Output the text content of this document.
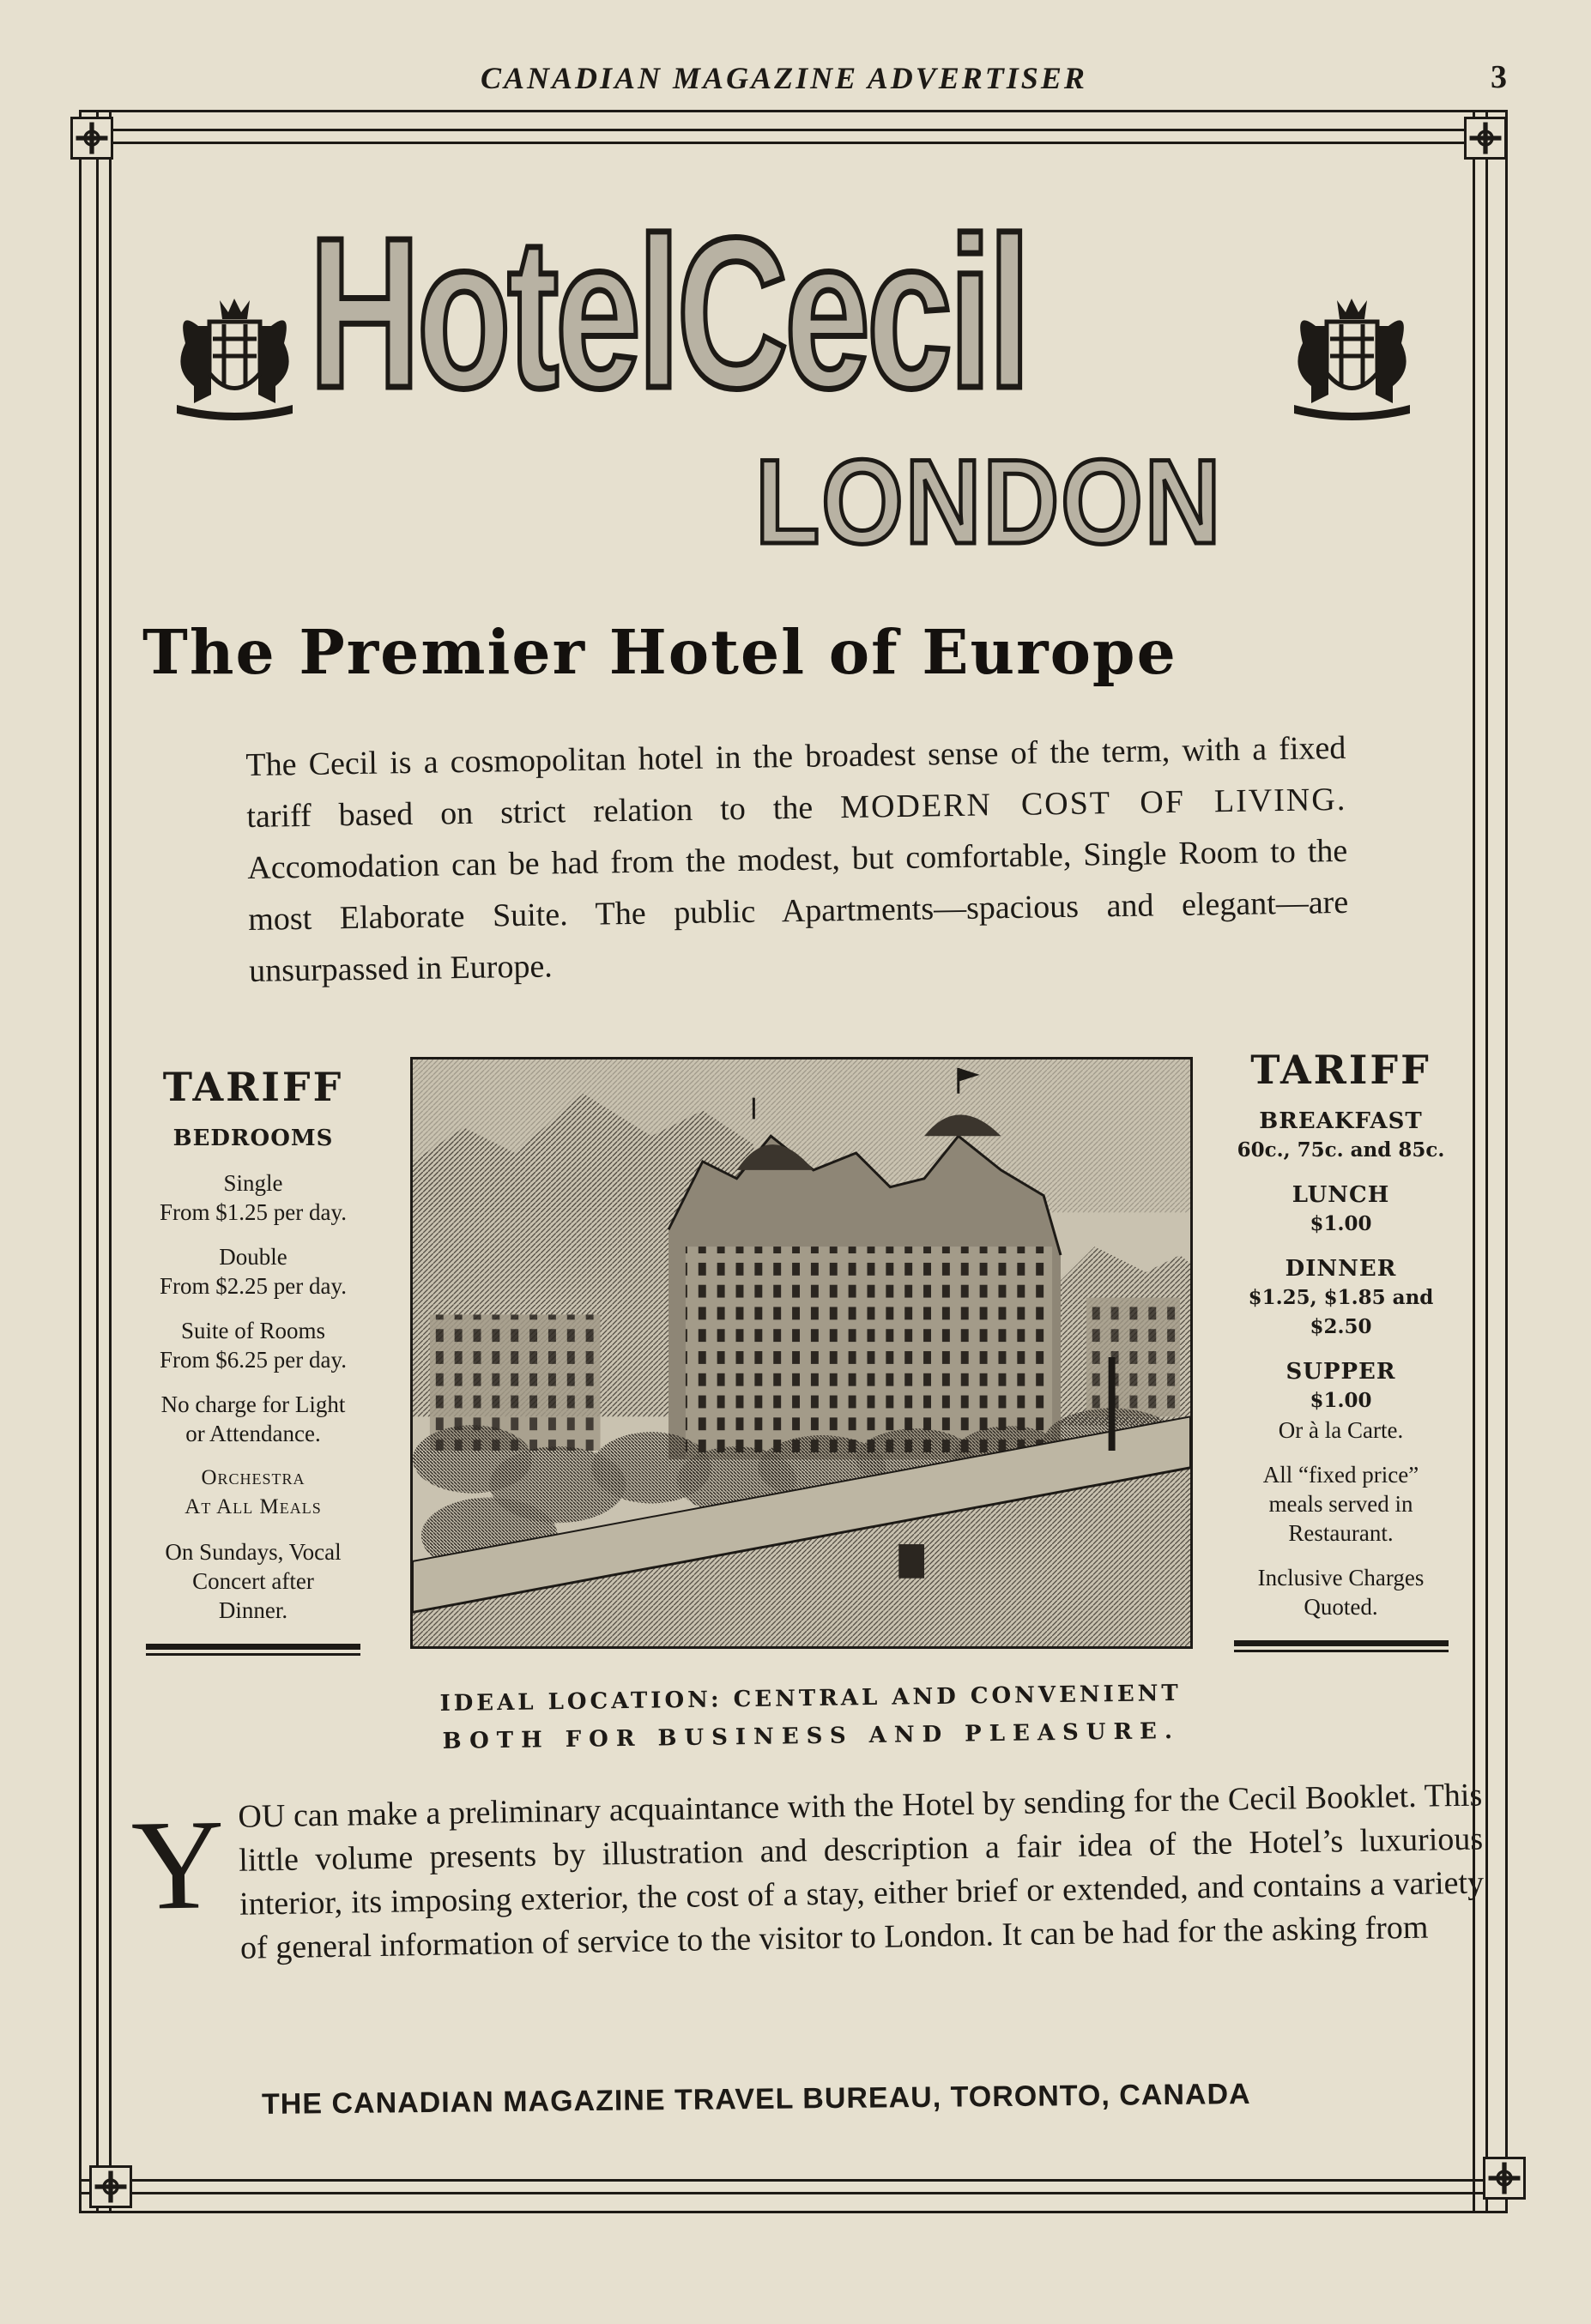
CANADIAN MAGAZINE ADVERTISER	3
HotelCecil
LONDON
The Premier Hotel of Europe
The Cecil is a cosmopolitan hotel in the broadest sense of the term, with a fixed tariff based on strict relation to the MODERN COST OF LIVING. Accomodation can be had from the modest, but comfortable, Single Room to the most Elaborate Suite. The public Apartments—spacious and elegant—are unsurpassed in Europe.
TARIFF
BEDROOMS
Single
From $1.25 per day.
Double
From $2.25 per day.
Suite of Rooms
From $6.25 per day.
No charge for Light
or Attendance.
Orchestra
At All Meals
On Sundays, Vocal
Concert after
Dinner.
TARIFF
BREAKFAST
60c., 75c. and 85c.
LUNCH
$1.00
DINNER
$1.25, $1.85 and
$2.50
SUPPER
$1.00
Or à la Carte.
All “fixed price”
meals served in
Restaurant.
Inclusive Charges
Quoted.
IDEAL LOCATION: CENTRAL AND CONVENIENT
BOTH FOR BUSINESS AND PLEASURE.
Y OU can make a preliminary acquaintance with the Hotel by sending for the Cecil Booklet. This little volume presents by illustration and description a fair idea of the Hotel’s luxurious interior, its imposing exterior, the cost of a stay, either brief or extended, and contains a variety of general information of service to the visitor to London. It can be had for the asking from
THE CANADIAN MAGAZINE TRAVEL BUREAU, TORONTO, CANADA
